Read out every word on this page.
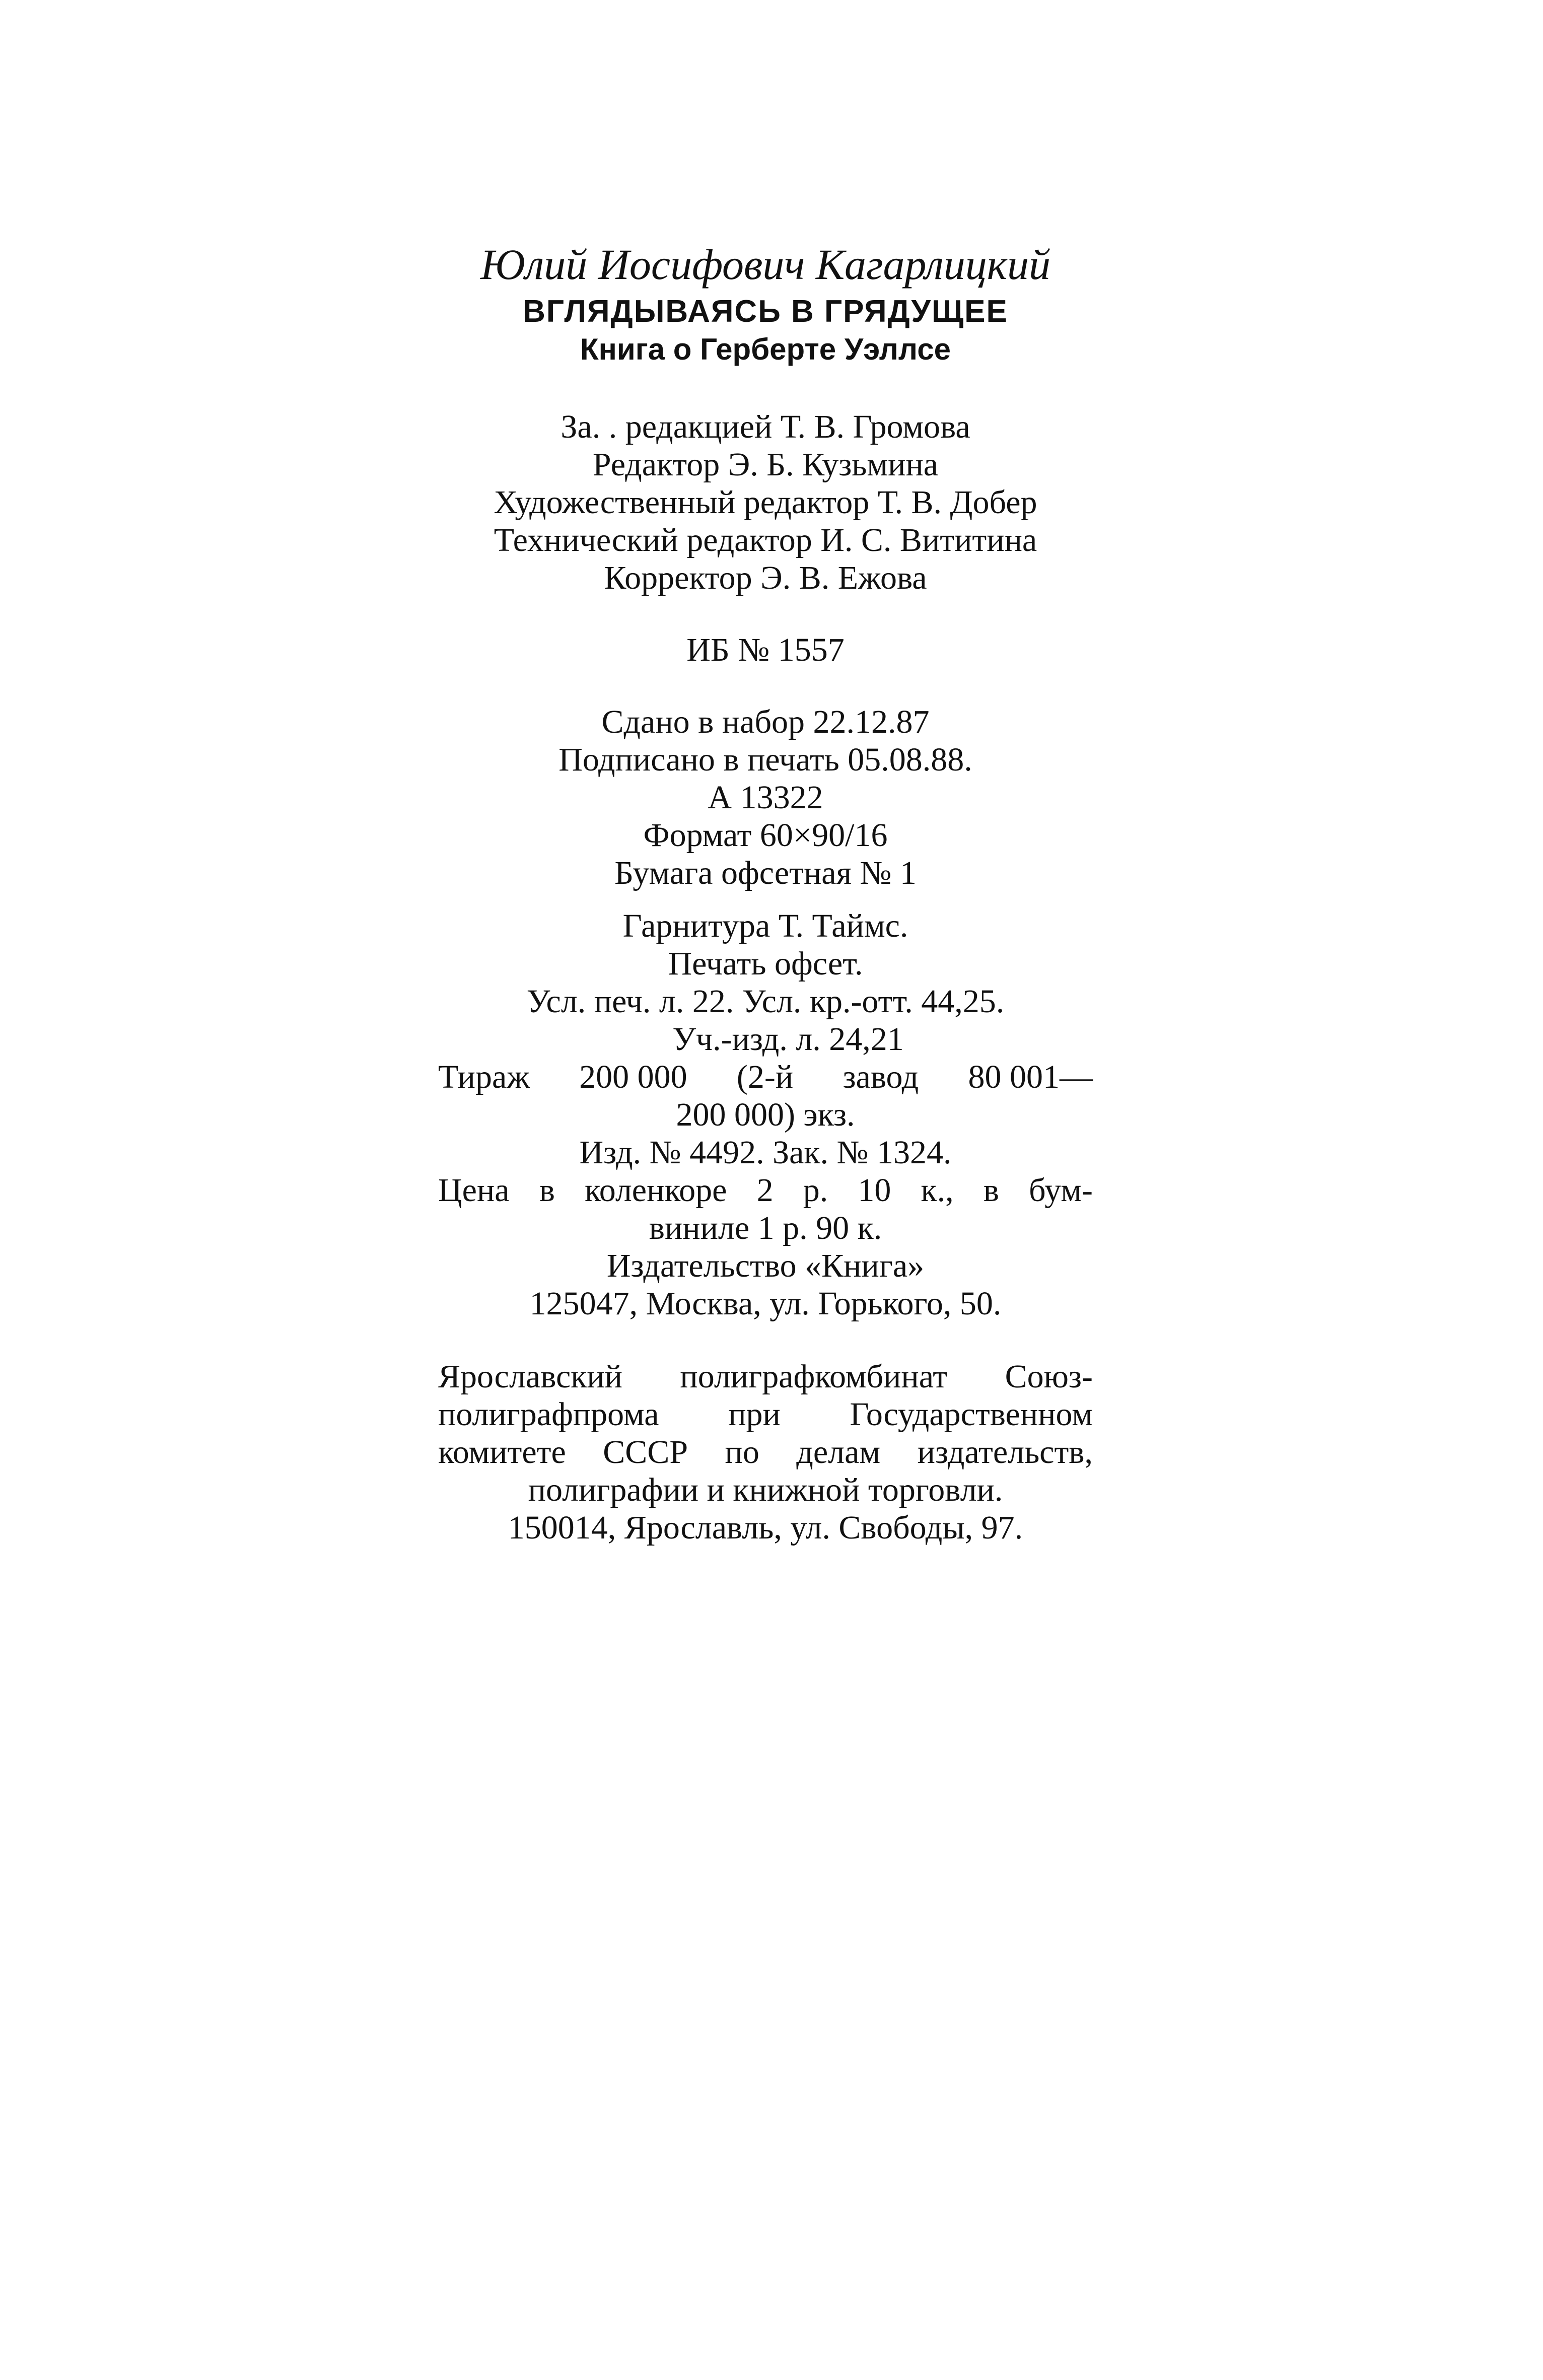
Юлий Иосифович Кагарлицкий
ВГЛЯДЫВАЯСЬ В ГРЯДУЩЕЕ
Книга о Герберте Уэллсе
За. . редакцией Т. В. Громова
Редактор Э. Б. Кузьмина
Художественный редактор Т. В. Добер
Технический редактор И. С. Вититина
Корректор Э. В. Ежова
ИБ № 1557
Сдано в набор 22.12.87
Подписано в печать 05.08.88.
А 13322
Формат 60×90/16
Бумага офсетная № 1
Гарнитура Т. Таймс.
Печать офсет.
Усл. печ. л. 22. Усл. кр.-отт. 44,25.
Уч.-изд. л. 24,21
Тираж 200 000 (2-й завод 80 001—
200 000) экз.
Изд. № 4492. Зак. № 1324.
Цена в коленкоре 2 р. 10 к., в бум-
виниле 1 р. 90 к.
Издательство «Книга»
125047, Москва, ул. Горького, 50.
Ярославский полиграфкомбинат Союз-
полиграфпрома при Государственном
комитете СССР по делам издательств,
полиграфии и книжной торговли.
150014, Ярославль, ул. Свободы, 97.
